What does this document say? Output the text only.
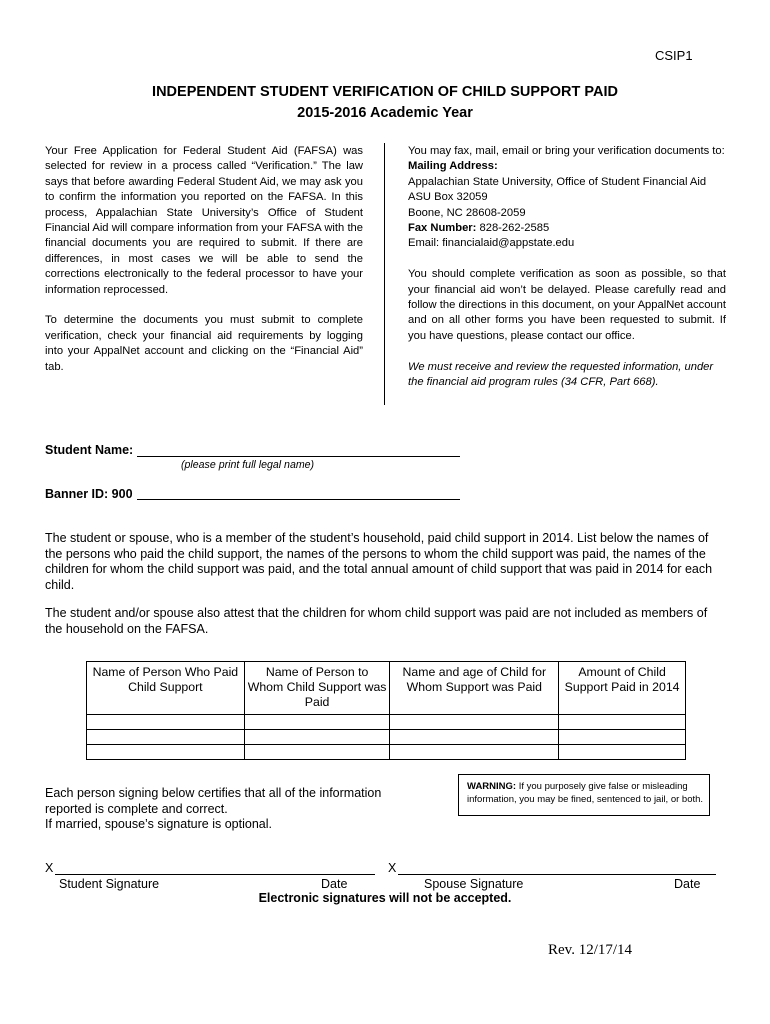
CSIP1
INDEPENDENT STUDENT VERIFICATION OF CHILD SUPPORT PAID
2015-2016 Academic Year

Your Free Application for Federal Student Aid (FAFSA) was selected for review in a process called “Verification.” The law says that before awarding Federal Student Aid, we may ask you to confirm the information you reported on the FAFSA. In this process, Appalachian State University’s Office of Student Financial Aid will compare information from your FAFSA with the financial documents you are required to submit. If there are differences, in most cases we will be able to send the corrections electronically to the federal processor to have your information reprocessed.

To determine the documents you must submit to complete verification, check your financial aid requirements by logging into your AppalNet account and clicking on the “Financial Aid” tab.

You may fax, mail, email or bring your verification documents to:

Mailing Address:

Appalachian State University, Office of Student Financial Aid

ASU Box 32059

Boone, NC 28608-2059

Fax Number: 828-262-2585

Email: financialaid@appstate.edu

You should complete verification as soon as possible, so that your financial aid won’t be delayed. Please carefully read and follow the directions in this document, on your AppalNet account and on all other forms you have been requested to submit. If you have questions, please contact our office.

We must receive and review the requested information, under the financial aid program rules (34 CFR, Part 668).

Student Name:
(please print full legal name)
Banner ID: 900
The student or spouse, who is a member of the student’s household, paid child support in 2014. List below the names of the persons who paid the child support, the names of the persons to whom the child support was paid, the names of the children for whom the child support was paid, and the total annual amount of child support that was paid in 2014 for each child.
The student and/or spouse also attest that the children for whom child support was paid are not included as members of the household on the FAFSA.
Name of Person Who Paid Child Support	Name of Person to Whom Child Support was Paid	Name and age of Child for Whom Support was Paid	Amount of Child Support Paid in 2014

Each person signing below certifies that all of the information
reported is complete and correct.
If married, spouse’s signature is optional.
WARNING: If you purposely give false or misleading information, you may be fined, sentenced to jail, or both.
X	X
Student Signature	Date	Spouse Signature	Date
Electronic signatures will not be accepted.
Rev. 12/17/14
